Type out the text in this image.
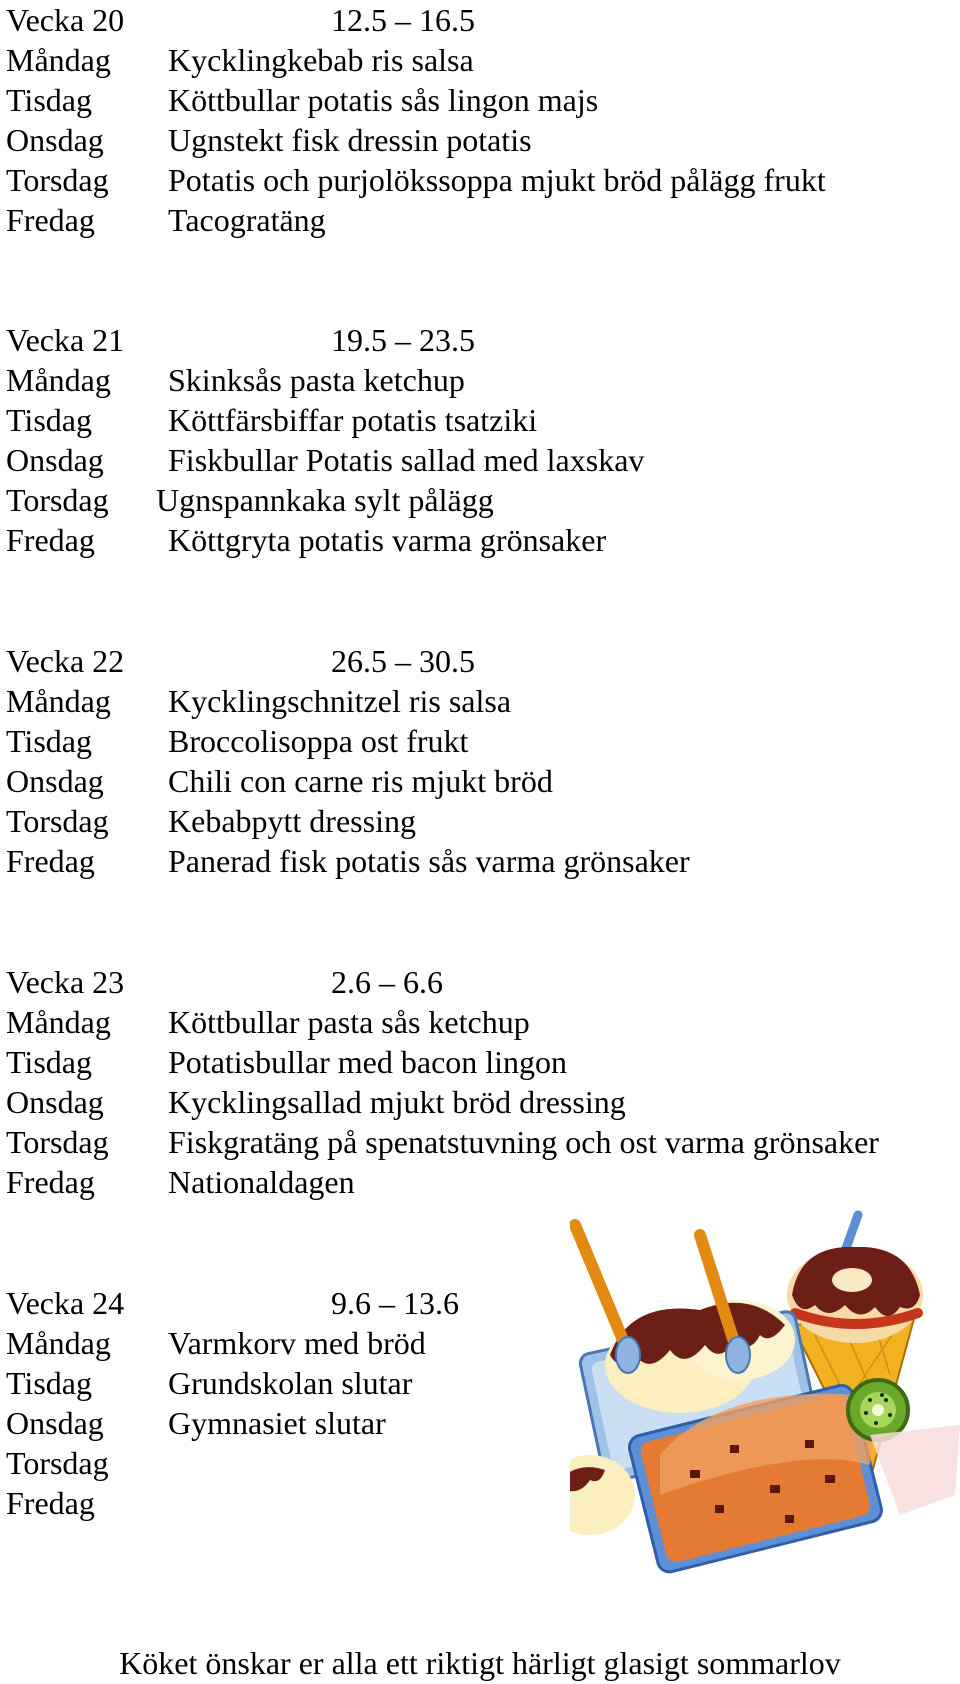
Vecka 20	12.5 – 16.5
Måndag Kycklingkebab ris salsa
Tisdag Köttbullar potatis sås lingon majs
Onsdag Ugnstekt fisk dressin potatis
Torsdag Potatis och purjolökssoppa mjukt bröd pålägg frukt
Fredag Tacogratäng
Vecka 21	19.5 – 23.5
Måndag Skinksås pasta ketchup
Tisdag Köttfärsbiffar potatis tsatziki
Onsdag Fiskbullar Potatis sallad med laxskav
Torsdag Ugnspannkaka sylt pålägg
Fredag Köttgryta potatis varma grönsaker
Vecka 22	26.5 – 30.5
Måndag Kycklingschnitzel ris salsa
Tisdag Broccolisoppa ost frukt
Onsdag Chili con carne ris mjukt bröd
Torsdag Kebabpytt dressing
Fredag Panerad fisk potatis sås varma grönsaker
Vecka 23	2.6 – 6.6
Måndag Köttbullar pasta sås ketchup
Tisdag Potatisbullar med bacon lingon
Onsdag Kycklingsallad mjukt bröd dressing
Torsdag Fiskgratäng på spenatstuvning och ost varma grönsaker
Fredag Nationaldagen
Vecka 24	9.6 – 13.6
Måndag Varmkorv med bröd
Tisdag Grundskolan slutar
Onsdag Gymnasiet slutar
Torsdag
Fredag
Köket önskar er alla ett riktigt härligt glasigt sommarlov
